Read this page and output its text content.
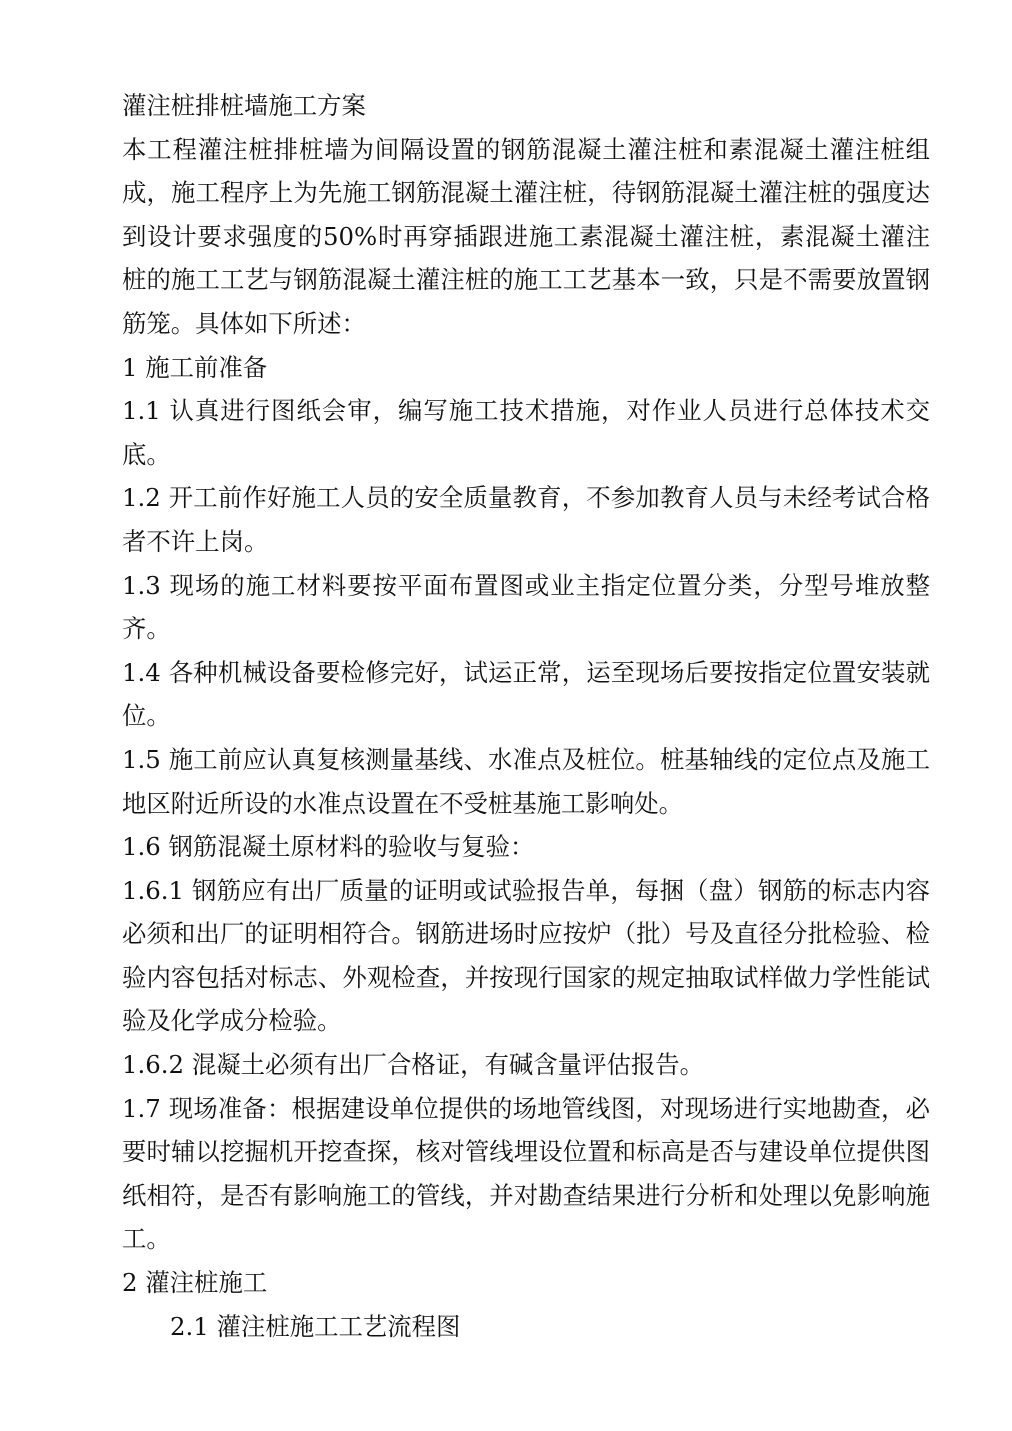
灌注桩排桩墙施工方案

本工程灌注桩排桩墙为间隔设置的钢筋混凝土灌注桩和素混凝土灌注桩组成，施工程序上为先施工钢筋混凝土灌注桩，待钢筋混凝土灌注桩的强度达到设计要求强度的50%时再穿插跟进施工素混凝土灌注桩，素混凝土灌注桩的施工工艺与钢筋混凝土灌注桩的施工工艺基本一致，只是不需要放置钢筋笼。具体如下所述：

1 施工前准备

1.1 认真进行图纸会审，编写施工技术措施，对作业人员进行总体技术交底。

1.2 开工前作好施工人员的安全质量教育，不参加教育人员与未经考试合格者不许上岗。

1.3 现场的施工材料要按平面布置图或业主指定位置分类，分型号堆放整齐。

1.4 各种机械设备要检修完好，试运正常，运至现场后要按指定位置安装就位。

1.5 施工前应认真复核测量基线、水准点及桩位。桩基轴线的定位点及施工地区附近所设的水准点设置在不受桩基施工影响处。

1.6 钢筋混凝土原材料的验收与复验：

1.6.1 钢筋应有出厂质量的证明或试验报告单，每捆（盘）钢筋的标志内容必须和出厂的证明相符合。钢筋进场时应按炉（批）号及直径分批检验、检验内容包括对标志、外观检查，并按现行国家的规定抽取试样做力学性能试验及化学成分检验。

1.6.2 混凝土必须有出厂合格证，有碱含量评估报告。

1.7 现场准备：根据建设单位提供的场地管线图，对现场进行实地勘查，必要时辅以挖掘机开挖查探，核对管线埋设位置和标高是否与建设单位提供图纸相符，是否有影响施工的管线，并对勘查结果进行分析和处理以免影响施工。

2 灌注桩施工

2.1 灌注桩施工工艺流程图
